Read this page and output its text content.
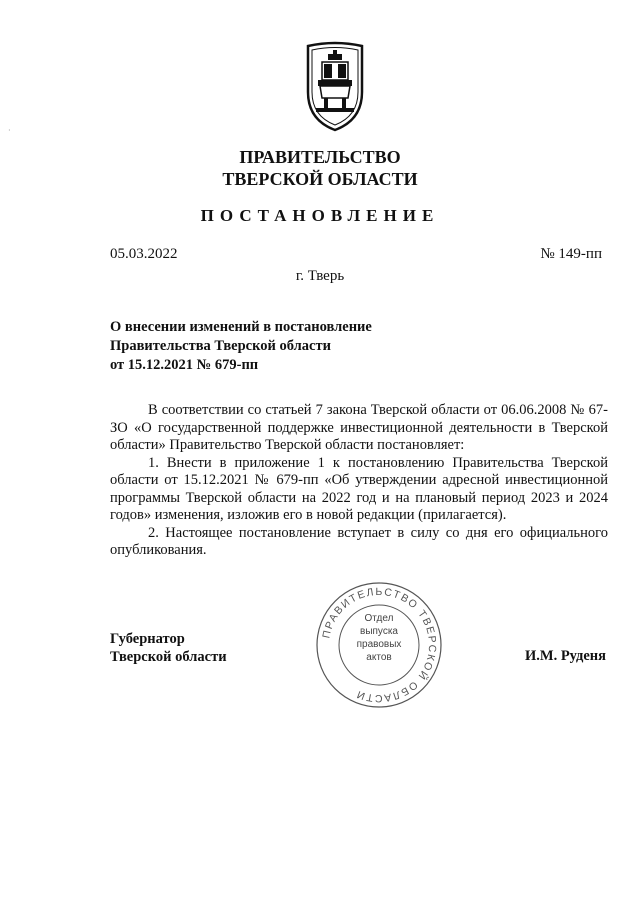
·
ПРАВИТЕЛЬСТВО
ТВЕРСКОЙ ОБЛАСТИ
ПОСТАНОВЛЕНИЕ
05.03.2022	№ 149-пп
г. Тверь
О внесении изменений в постановление
Правительства Тверской области
от 15.12.2021 № 679-пп

В соответствии со статьей 7 закона Тверской области от 06.06.2008 № 67-ЗО «О государственной поддержке инвестиционной деятельности в Тверской области» Правительство Тверской области постановляет:

1. Внести в приложение 1 к постановлению Правительства Тверской области от 15.12.2021 № 679-пп «Об утверждении адресной инвестиционной программы Тверской области на 2022 год и на плановый период 2023 и 2024 годов» изменения, изложив его в новой редакции (прилагается).

2. Настоящее постановление вступает в силу со дня его официального опубликования.

ПРАВИТЕЛЬСТВО ТВЕРСКОЙ ОБЛАСТИ
Отдел
выпуска
правовых
актов
Губернатор
Тверской области	И.М. Руденя
